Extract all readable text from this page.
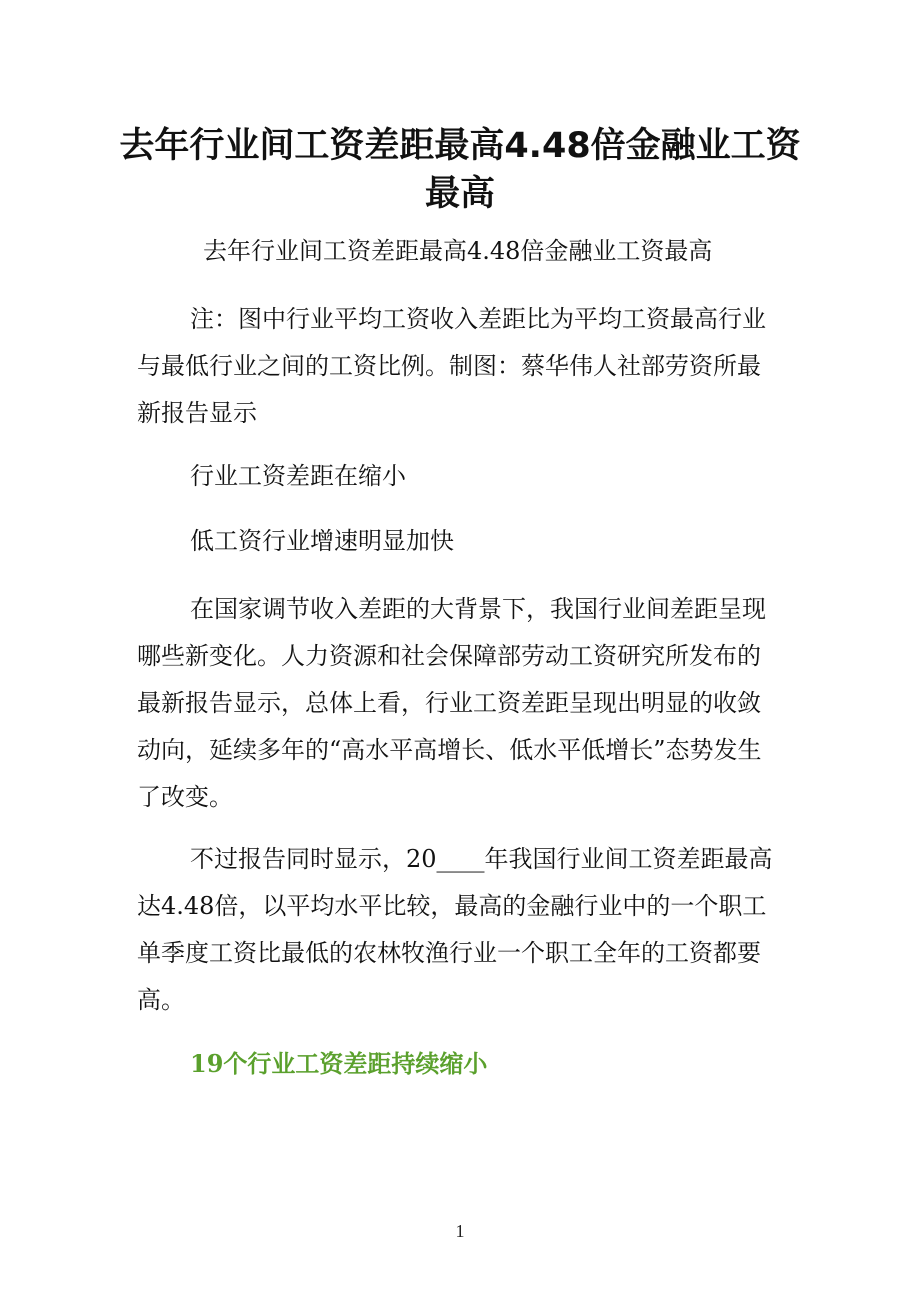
去年行业间工资差距最高4.48倍金融业工资最高

去年行业间工资差距最高4.48倍金融业工资最高

注：图中行业平均工资收入差距比为平均工资最高行业与最低行业之间的工资比例。制图：蔡华伟人社部劳资所最新报告显示

行业工资差距在缩小

低工资行业增速明显加快

在国家调节收入差距的大背景下，我国行业间差距呈现哪些新变化。人力资源和社会保障部劳动工资研究所发布的最新报告显示，总体上看，行业工资差距呈现出明显的收敛动向，延续多年的“高水平高增长、低水平低增长”态势发生了改变。

不过报告同时显示，20____年我国行业间工资差距最高达4.48倍，以平均水平比较，最高的金融行业中的一个职工单季度工资比最低的农林牧渔行业一个职工全年的工资都要高。

19个行业工资差距持续缩小
1
